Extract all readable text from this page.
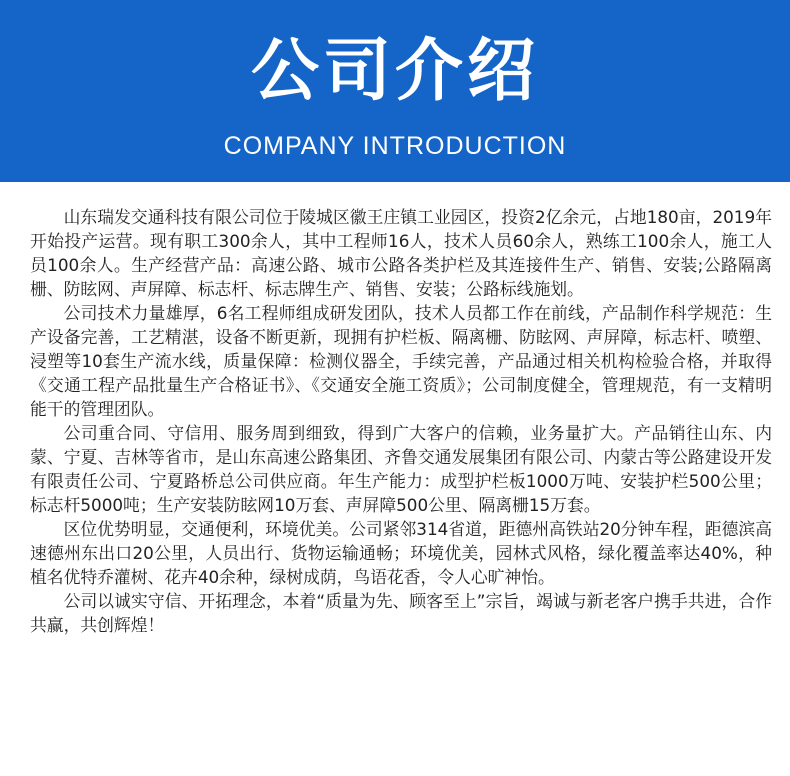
公司介绍
COMPANY INTRODUCTION

山东瑞发交通科技有限公司位于陵城区徽王庄镇工业园区，投资2亿余元，占地180亩，2019年开始投产运营。现有职工300余人，其中工程师16人，技术人员60余人，熟练工100余人，施工人员100余人。生产经营产品：高速公路、城市公路各类护栏及其连接件生产、销售、安装;公路隔离栅、防眩网、声屏障、标志杆、标志牌生产、销售、安装；公路标线施划。

公司技术力量雄厚，6名工程师组成研发团队，技术人员都工作在前线，产品制作科学规范：生产设备完善，工艺精湛，设备不断更新，现拥有护栏板、隔离栅、防眩网、声屏障，标志杆、喷塑、浸塑等10套生产流水线，质量保障：检测仪器全，手续完善，产品通过相关机构检验合格，并取得《交通工程产品批量生产合格证书》、《交通安全施工资质》；公司制度健全，管理规范，有一支精明能干的管理团队。

公司重合同、守信用、服务周到细致，得到广大客户的信赖，业务量扩大。产品销往山东、内蒙、宁夏、吉林等省市，是山东高速公路集团、齐鲁交通发展集团有限公司、内蒙古等公路建设开发有限责任公司、宁夏路桥总公司供应商。年生产能力：成型护栏板1000万吨、安装护栏500公里；标志杆5000吨；生产安装防眩网10万套、声屏障500公里、隔离栅15万套。

区位优势明显，交通便利，环境优美。公司紧邻314省道，距德州高铁站20分钟车程，距德滨高速德州东出口20公里，人员出行、货物运输通畅；环境优美，园林式风格，绿化覆盖率达40%，种植名优特乔灌树、花卉40余种，绿树成荫，鸟语花香，令人心旷神怡。

公司以诚实守信、开拓理念，本着“质量为先、顾客至上”宗旨，竭诚与新老客户携手共进，合作共赢，共创辉煌！
